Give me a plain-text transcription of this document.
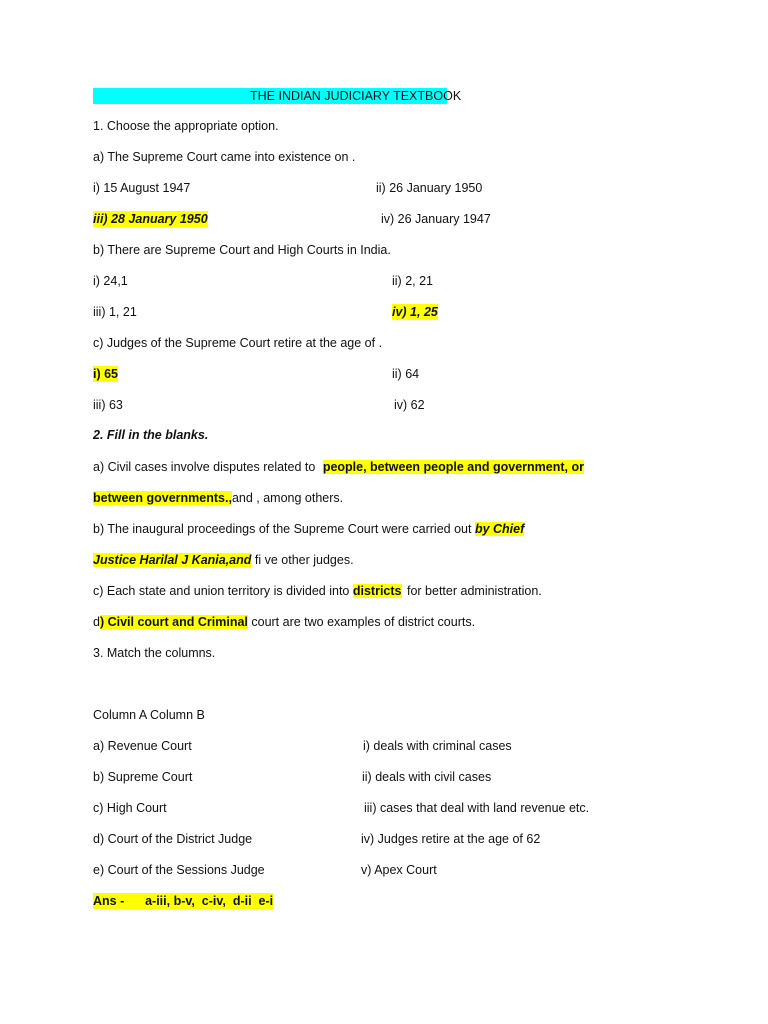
THE INDIAN JUDICIARY TEXTBOOK
1. Choose the appropriate option.
a) The Supreme Court came into existence on .
i) 15 August 1947	ii) 26 January 1950
iii) 28 January 1950	iv) 26 January 1947
b) There are Supreme Court and High Courts in India.
i) 24,1	ii) 2, 21
iii) 1, 21	iv) 1, 25
c) Judges of the Supreme Court retire at the age of .
i) 65	ii) 64
iii) 63	iv) 62
2. Fill in the blanks.
a) Civil cases involve disputes related to people, between people and government, or
between governments.,and , among others.
b) The inaugural proceedings of the Supreme Court were carried out by Chief
Justice Harilal J Kania,and fi ve other judges.
c) Each state and union territory is divided into districts for better administration.
d) Civil court and Criminal court are two examples of district courts.
3. Match the columns.
Column A Column B
a) Revenue Court	i) deals with criminal cases
b) Supreme Court	ii) deals with civil cases
c) High Court	iii) cases that deal with land revenue etc.
d) Court of the District Judge	iv) Judges retire at the age of 62
e) Court of the Sessions Judge	v) Apex Court
Ans -      a-iii, b-v,  c-iv,  d-ii  e-i
